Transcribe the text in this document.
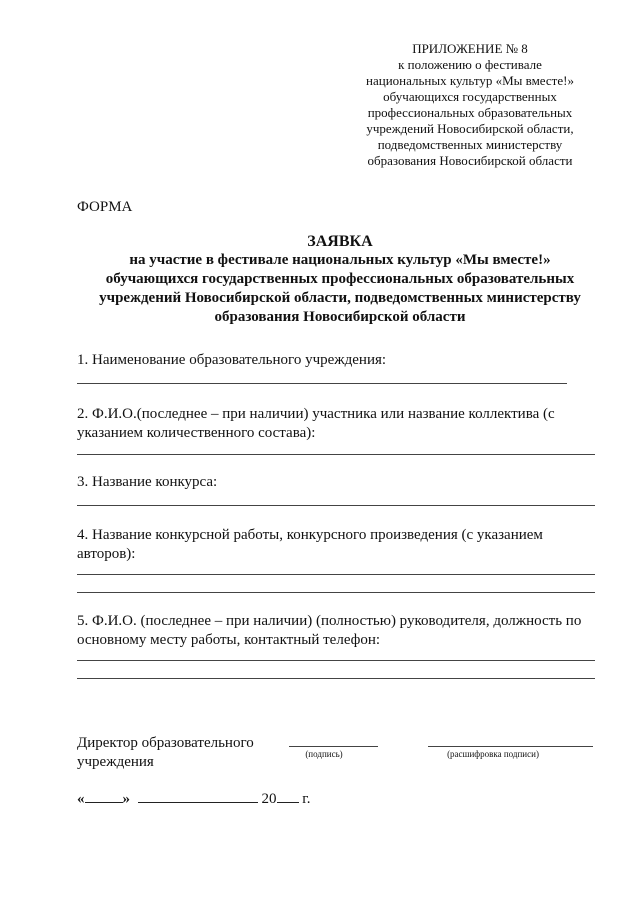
ПРИЛОЖЕНИЕ № 8
к положению о фестивале
национальных культур «Мы вместе!»
обучающихся государственных
профессиональных образовательных
учреждений Новосибирской области,
подведомственных министерству
образования Новосибирской области
ФОРМА
ЗАЯВКА
на участие в фестивале национальных культур «Мы вместе!»
обучающихся государственных профессиональных образовательных
учреждений Новосибирской области, подведомственных министерству
образования Новосибирской области
1. Наименование образовательного учреждения:
2. Ф.И.О.(последнее – при наличии) участника или название коллектива (с указанием количественного состава):
3. Название конкурса:
4. Название конкурсной работы, конкурсного произведения (с указанием авторов):
5. Ф.И.О. (последнее – при наличии) (полностью) руководителя, должность по основному месту работы, контактный телефон:
Директор образовательного
учреждения	(подпись)	(расшифровка подписи)
«	»	20 г.
